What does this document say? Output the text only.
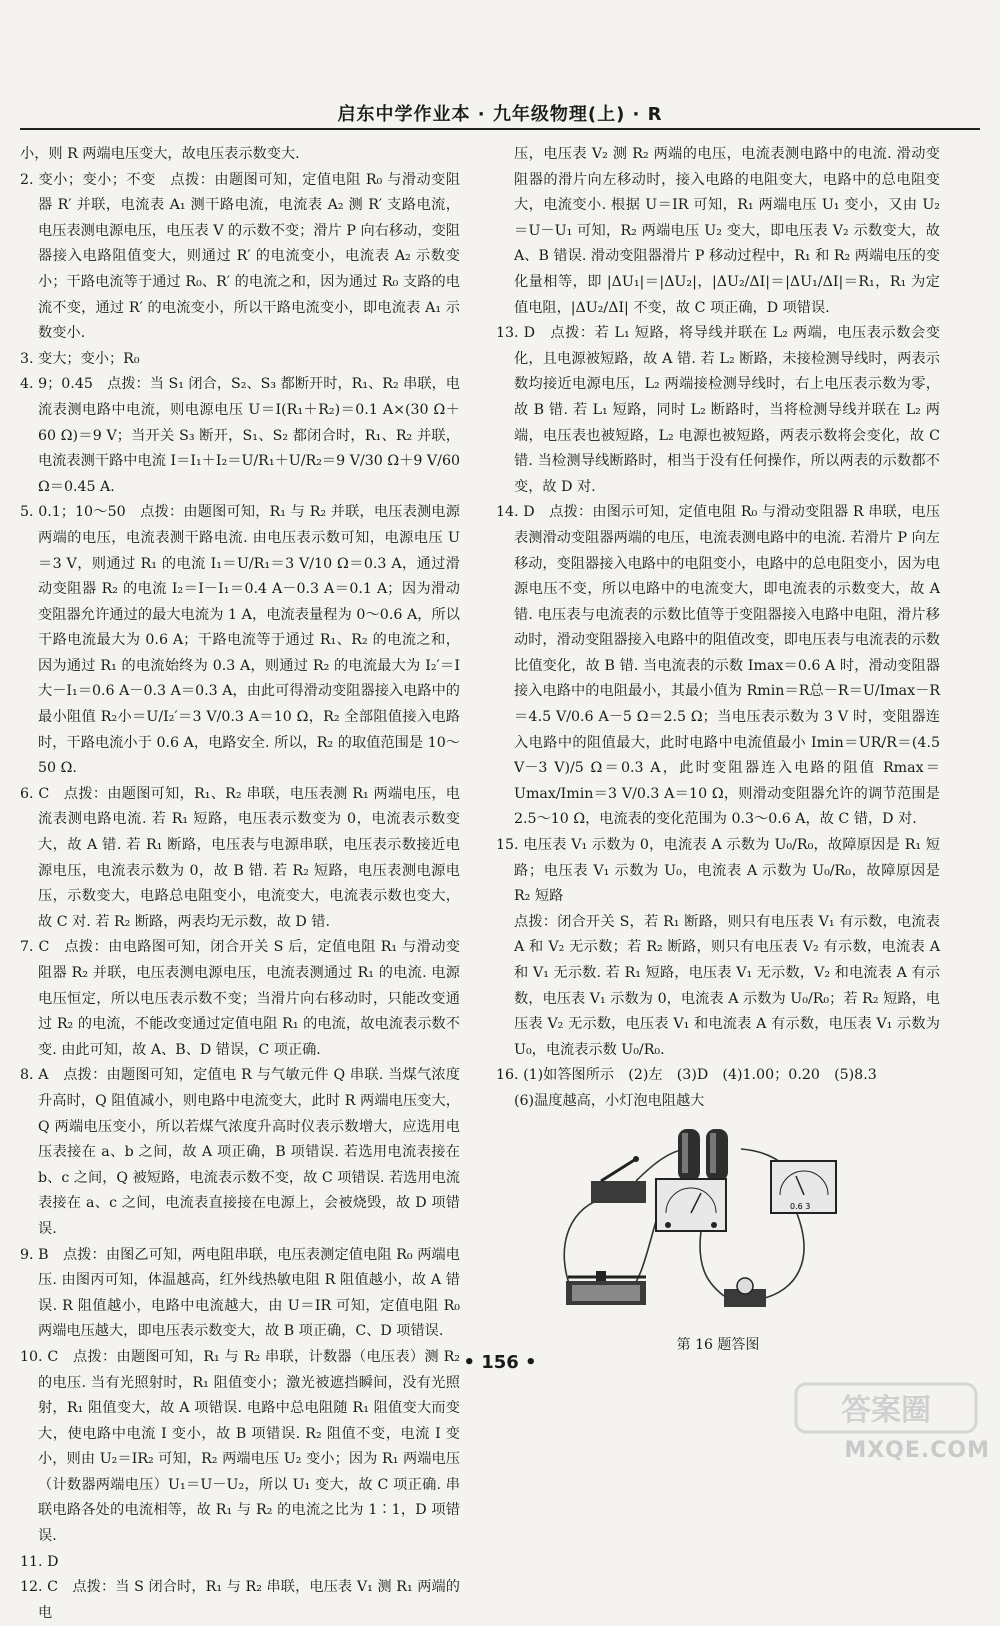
启东中学作业本 · 九年级物理(上) · R

小，则 R 两端电压变大，故电压表示数变大.

2. 变小；变小；不变　点拨：由题图可知，定值电阻 R₀ 与滑动变阻器 R′ 并联，电流表 A₁ 测干路电流，电流表 A₂ 测 R′ 支路电流，电压表测电源电压，电压表 V 的示数不变；滑片 P 向右移动，变阻器接入电路阻值变大，则通过 R′ 的电流变小，电流表 A₂ 示数变小；干路电流等于通过 R₀、R′ 的电流之和，因为通过 R₀ 支路的电流不变，通过 R′ 的电流变小，所以干路电流变小，即电流表 A₁ 示数变小.

3. 变大；变小；R₀

4. 9；0.45　点拨：当 S₁ 闭合，S₂、S₃ 都断开时，R₁、R₂ 串联，电流表测电路中电流，则电源电压 U＝I(R₁＋R₂)＝0.1 A×(30 Ω＋60 Ω)＝9 V；当开关 S₃ 断开，S₁、S₂ 都闭合时，R₁、R₂ 并联，电流表测干路中电流 I＝I₁＋I₂＝U/R₁＋U/R₂＝9 V/30 Ω＋9 V/60 Ω＝0.45 A.

5. 0.1；10～50　点拨：由题图可知，R₁ 与 R₂ 并联，电压表测电源两端的电压，电流表测干路电流. 由电压表示数可知，电源电压 U＝3 V，则通过 R₁ 的电流 I₁＝U/R₁＝3 V/10 Ω＝0.3 A，通过滑动变阻器 R₂ 的电流 I₂＝I－I₁＝0.4 A－0.3 A＝0.1 A；因为滑动变阻器允许通过的最大电流为 1 A，电流表量程为 0～0.6 A，所以干路电流最大为 0.6 A；干路电流等于通过 R₁、R₂ 的电流之和，因为通过 R₁ 的电流始终为 0.3 A，则通过 R₂ 的电流最大为 I₂′＝I大－I₁＝0.6 A－0.3 A＝0.3 A，由此可得滑动变阻器接入电路中的最小阻值 R₂小＝U/I₂′＝3 V/0.3 A＝10 Ω，R₂ 全部阻值接入电路时，干路电流小于 0.6 A，电路安全. 所以，R₂ 的取值范围是 10～50 Ω.

6. C　点拨：由题图可知，R₁、R₂ 串联，电压表测 R₁ 两端电压，电流表测电路电流. 若 R₁ 短路，电压表示数变为 0，电流表示数变大，故 A 错. 若 R₁ 断路，电压表与电源串联，电压表示数接近电源电压，电流表示数为 0，故 B 错. 若 R₂ 短路，电压表测电源电压，示数变大，电路总电阻变小，电流变大，电流表示数也变大，故 C 对. 若 R₂ 断路，两表均无示数，故 D 错.

7. C　点拨：由电路图可知，闭合开关 S 后，定值电阻 R₁ 与滑动变阻器 R₂ 并联，电压表测电源电压，电流表测通过 R₁ 的电流. 电源电压恒定，所以电压表示数不变；当滑片向右移动时，只能改变通过 R₂ 的电流，不能改变通过定值电阻 R₁ 的电流，故电流表示数不变. 由此可知，故 A、B、D 错误，C 项正确.

8. A　点拨：由题图可知，定值电 R 与气敏元件 Q 串联. 当煤气浓度升高时，Q 阻值减小，则电路中电流变大，此时 R 两端电压变大，Q 两端电压变小，所以若煤气浓度升高时仪表示数增大，应选用电压表接在 a、b 之间，故 A 项正确，B 项错误. 若选用电流表接在 b、c 之间，Q 被短路，电流表示数不变，故 C 项错误. 若选用电流表接在 a、c 之间，电流表直接接在电源上，会被烧毁，故 D 项错误.

9. B　点拨：由图乙可知，两电阻串联，电压表测定值电阻 R₀ 两端电压. 由图丙可知，体温越高，红外线热敏电阻 R 阻值越小，故 A 错误. R 阻值越小，电路中电流越大，由 U＝IR 可知，定值电阻 R₀ 两端电压越大，即电压表示数变大，故 B 项正确，C、D 项错误.

10. C　点拨：由题图可知，R₁ 与 R₂ 串联，计数器（电压表）测 R₂ 的电压. 当有光照射时，R₁ 阻值变小；激光被遮挡瞬间，没有光照射，R₁ 阻值变大，故 A 项错误. 电路中总电阻随 R₁ 阻值变大而变大，使电路中电流 I 变小，故 B 项错误. R₂ 阻值不变，电流 I 变小，则由 U₂＝IR₂ 可知，R₂ 两端电压 U₂ 变小；因为 R₁ 两端电压（计数器两端电压）U₁＝U－U₂，所以 U₁ 变大，故 C 项正确. 串联电路各处的电流相等，故 R₁ 与 R₂ 的电流之比为 1∶1，D 项错误.

11. D

12. C　点拨：当 S 闭合时，R₁ 与 R₂ 串联，电压表 V₁ 测 R₁ 两端的电

压，电压表 V₂ 测 R₂ 两端的电压，电流表测电路中的电流. 滑动变阻器的滑片向左移动时，接入电路的电阻变大，电路中的总电阻变大，电流变小. 根据 U＝IR 可知，R₁ 两端电压 U₁ 变小，又由 U₂＝U－U₁ 可知，R₂ 两端电压 U₂ 变大，即电压表 V₂ 示数变大，故 A、B 错误. 滑动变阻器滑片 P 移动过程中，R₁ 和 R₂ 两端电压的变化量相等，即 |ΔU₁|＝|ΔU₂|，|ΔU₂/ΔI|＝|ΔU₁/ΔI|＝R₁，R₁ 为定值电阻，|ΔU₂/ΔI| 不变，故 C 项正确，D 项错误.

13. D　点拨：若 L₁ 短路，将导线并联在 L₂ 两端，电压表示数会变化，且电源被短路，故 A 错. 若 L₂ 断路，未接检测导线时，两表示数均接近电源电压，L₂ 两端接检测导线时，右上电压表示数为零，故 B 错. 若 L₁ 短路，同时 L₂ 断路时，当将检测导线并联在 L₂ 两端，电压表也被短路，L₂ 电源也被短路，两表示数将会变化，故 C 错. 当检测导线断路时，相当于没有任何操作，所以两表的示数都不变，故 D 对.

14. D　点拨：由图示可知，定值电阻 R₀ 与滑动变阻器 R 串联，电压表测滑动变阻器两端的电压，电流表测电路中的电流. 若滑片 P 向左移动，变阻器接入电路中的电阻变小，电路中的总电阻变小，因为电源电压不变，所以电路中的电流变大，即电流表的示数变大，故 A 错. 电压表与电流表的示数比值等于变阻器接入电路中电阻，滑片移动时，滑动变阻器接入电路中的阻值改变，即电压表与电流表的示数比值变化，故 B 错. 当电流表的示数 Imax＝0.6 A 时，滑动变阻器接入电路中的电阻最小，其最小值为 Rmin＝R总－R＝U/Imax－R＝4.5 V/0.6 A－5 Ω＝2.5 Ω；当电压表示数为 3 V 时，变阻器连入电路中的阻值最大，此时电路中电流值最小 Imin＝UR/R＝(4.5 V－3 V)/5 Ω＝0.3 A，此时变阻器连入电路的阻值 Rmax＝Umax/Imin＝3 V/0.3 A＝10 Ω，则滑动变阻器允许的调节范围是 2.5～10 Ω，电流表的变化范围为 0.3～0.6 A，故 C 错，D 对.

15. 电压表 V₁ 示数为 0，电流表 A 示数为 U₀/R₀，故障原因是 R₁ 短路；电压表 V₁ 示数为 U₀，电流表 A 示数为 U₀/R₀，故障原因是 R₂ 短路

点拨：闭合开关 S，若 R₁ 断路，则只有电压表 V₁ 有示数，电流表 A 和 V₂ 无示数；若 R₂ 断路，则只有电压表 V₂ 有示数，电流表 A 和 V₁ 无示数. 若 R₁ 短路，电压表 V₁ 无示数，V₂ 和电流表 A 有示数，电压表 V₁ 示数为 0，电流表 A 示数为 U₀/R₀；若 R₂ 短路，电压表 V₂ 无示数，电压表 V₁ 和电流表 A 有示数，电压表 V₁ 示数为 U₀，电流表示数 U₀/R₀.

16. (1)如答图所示　(2)左　(3)D　(4)1.00；0.20　(5)8.3

(6)温度越高，小灯泡电阻越大

0.6 3
第 16 题答图
• 156 •
答案圈
MXQE.COM
